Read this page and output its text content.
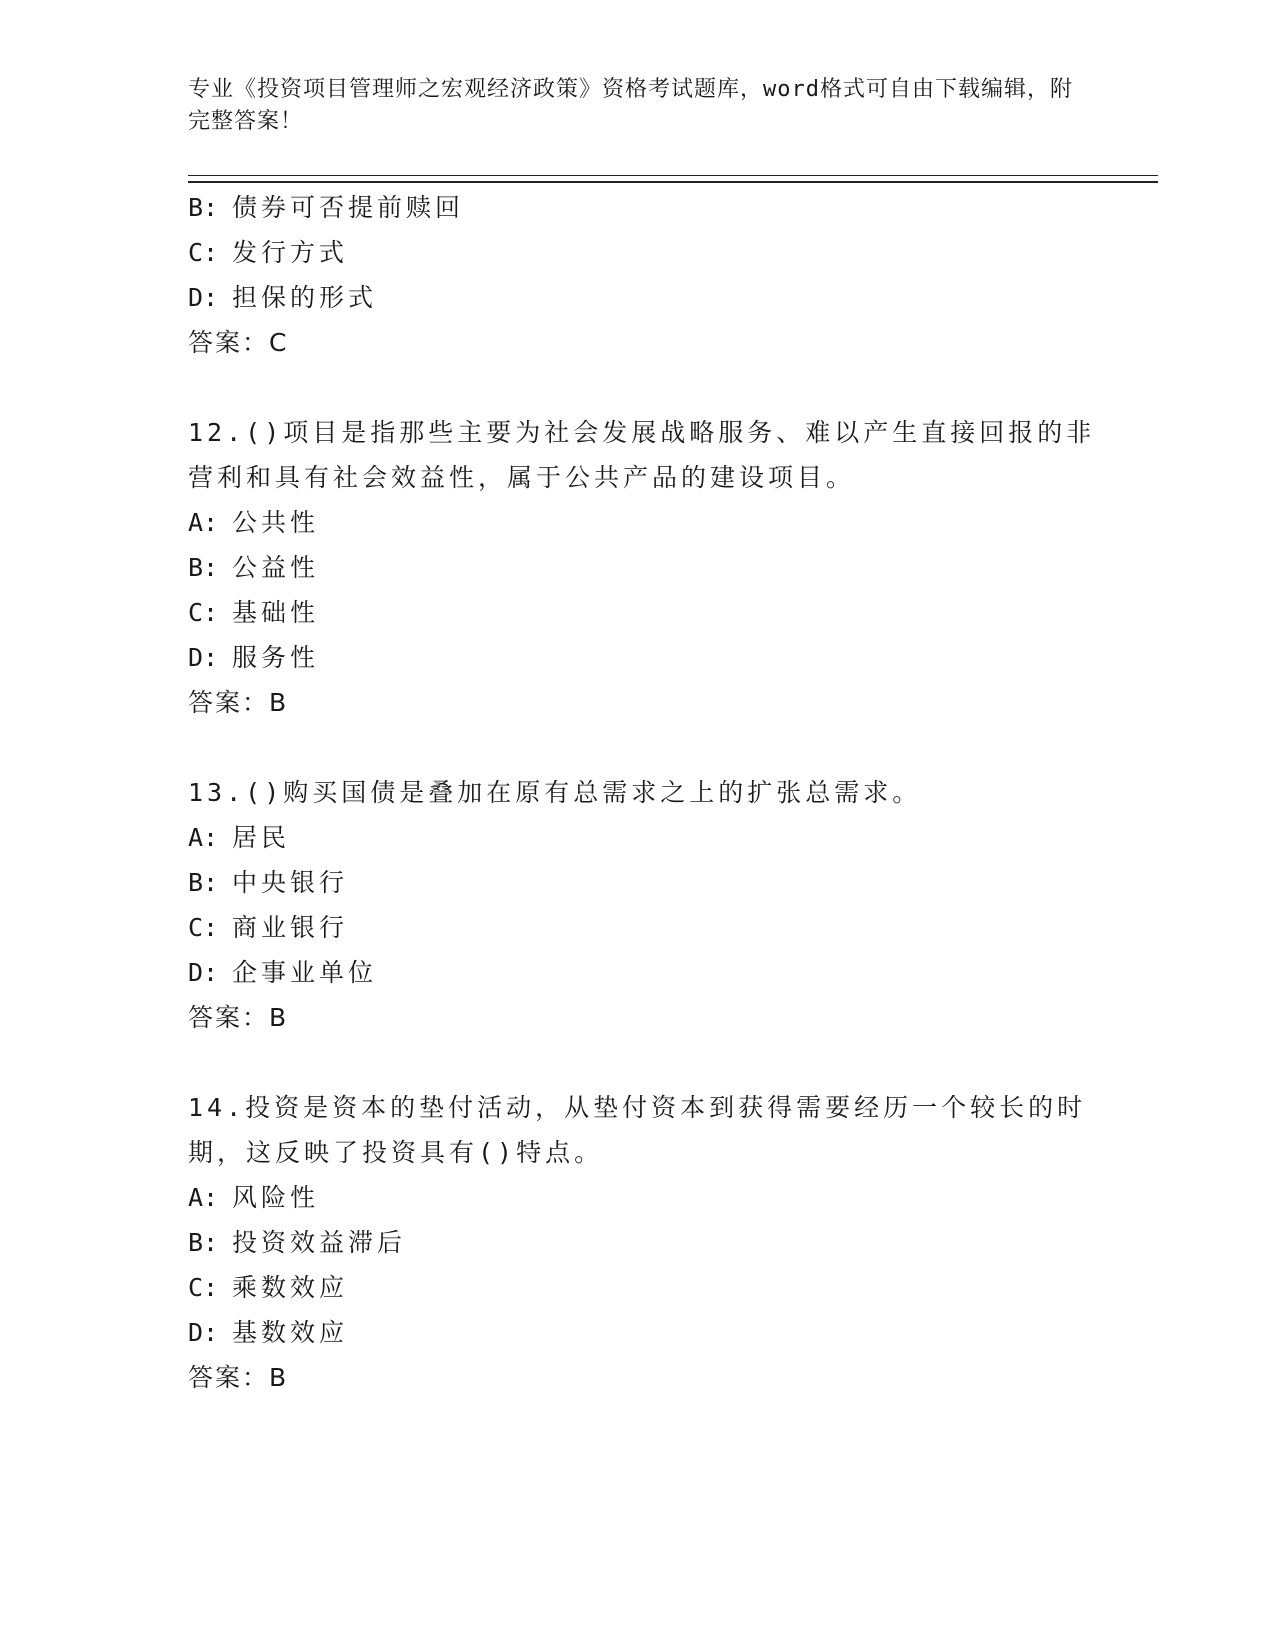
专业《投资项目管理师之宏观经济政策》资格考试题库，word格式可自由下载编辑，附完整答案！
B: 债券可否提前赎回
C: 发行方式
D: 担保的形式
答案：C
12.()项目是指那些主要为社会发展战略服务、难以产生直接回报的非
营利和具有社会效益性，属于公共产品的建设项目。
A: 公共性
B: 公益性
C: 基础性
D: 服务性
答案：B
13.()购买国债是叠加在原有总需求之上的扩张总需求。
A: 居民
B: 中央银行
C: 商业银行
D: 企事业单位
答案：B
14.投资是资本的垫付活动，从垫付资本到获得需要经历一个较长的时
期，这反映了投资具有()特点。
A: 风险性
B: 投资效益滞后
C: 乘数效应
D: 基数效应
答案：B
